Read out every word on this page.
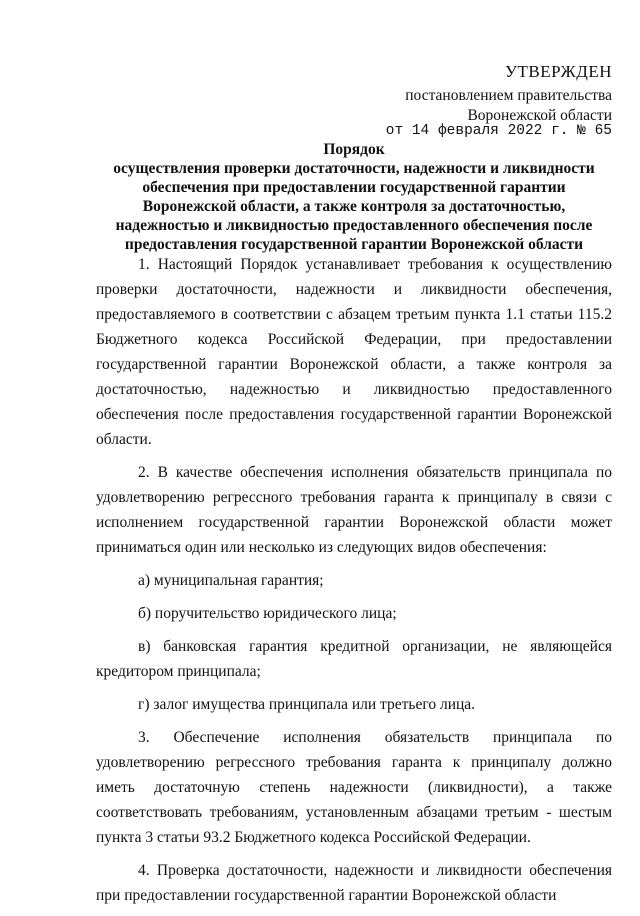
УТВЕРЖДЕН
постановлением правительства
Воронежской области
от 14 февраля 2022 г. № 65
Порядок
осуществления проверки достаточности, надежности и ликвидности обеспечения при предоставлении государственной гарантии Воронежской области, а также контроля за достаточностью, надежностью и ликвидностью предоставленного обеспечения после предоставления государственной гарантии Воронежской области

1. Настоящий Порядок устанавливает требования к осуществлению проверки достаточности, надежности и ликвидности обеспечения, предоставляемого в соответствии с абзацем третьим пункта 1.1 статьи 115.2 Бюджетного кодекса Российской Федерации, при предоставлении государственной гарантии Воронежской области, а также контроля за достаточностью, надежностью и ликвидностью предоставленного обеспечения после предоставления государственной гарантии Воронежской области.

2. В качестве обеспечения исполнения обязательств принципала по удовлетворению регрессного требования гаранта к принципалу в связи с исполнением государственной гарантии Воронежской области может приниматься один или несколько из следующих видов обеспечения:

а) муниципальная гарантия;

б) поручительство юридического лица;

в) банковская гарантия кредитной организации, не являющейся кредитором принципала;

г) залог имущества принципала или третьего лица.

3. Обеспечение исполнения обязательств принципала по удовлетворению регрессного требования гаранта к принципалу должно иметь достаточную степень надежности (ликвидности), а также соответствовать требованиям, установленным абзацами третьим - шестым пункта 3 статьи 93.2 Бюджетного кодекса Российской Федерации.

4. Проверка достаточности, надежности и ликвидности обеспечения при предоставлении государственной гарантии Воронежской области
